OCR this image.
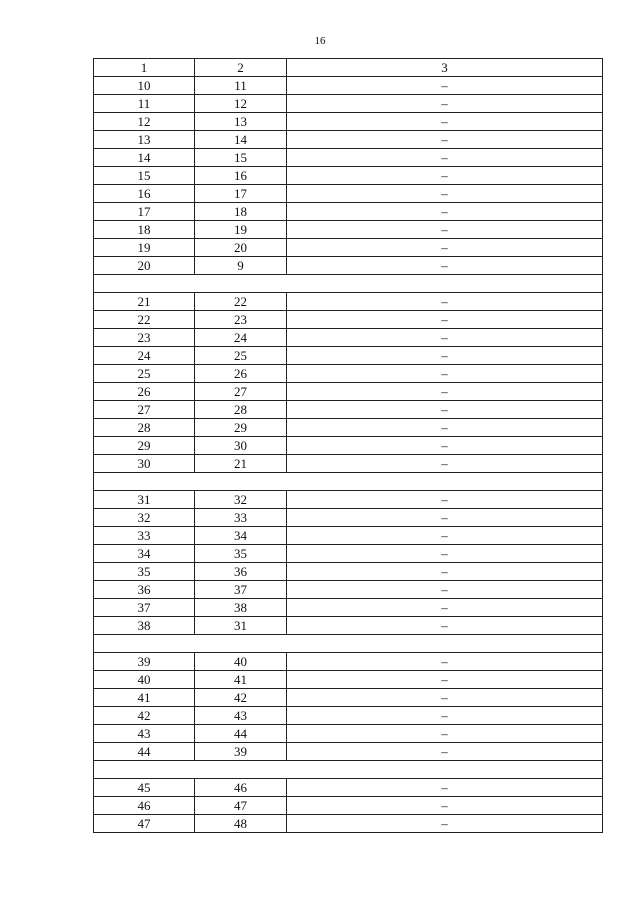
16
1	2	3
10	11	–
11	12	–
12	13	–
13	14	–
14	15	–
15	16	–
16	17	–
17	18	–
18	19	–
19	20	–
20	9	–

21	22	–
22	23	–
23	24	–
24	25	–
25	26	–
26	27	–
27	28	–
28	29	–
29	30	–
30	21	–

31	32	–
32	33	–
33	34	–
34	35	–
35	36	–
36	37	–
37	38	–
38	31	–

39	40	–
40	41	–
41	42	–
42	43	–
43	44	–
44	39	–

45	46	–
46	47	–
47	48	–
